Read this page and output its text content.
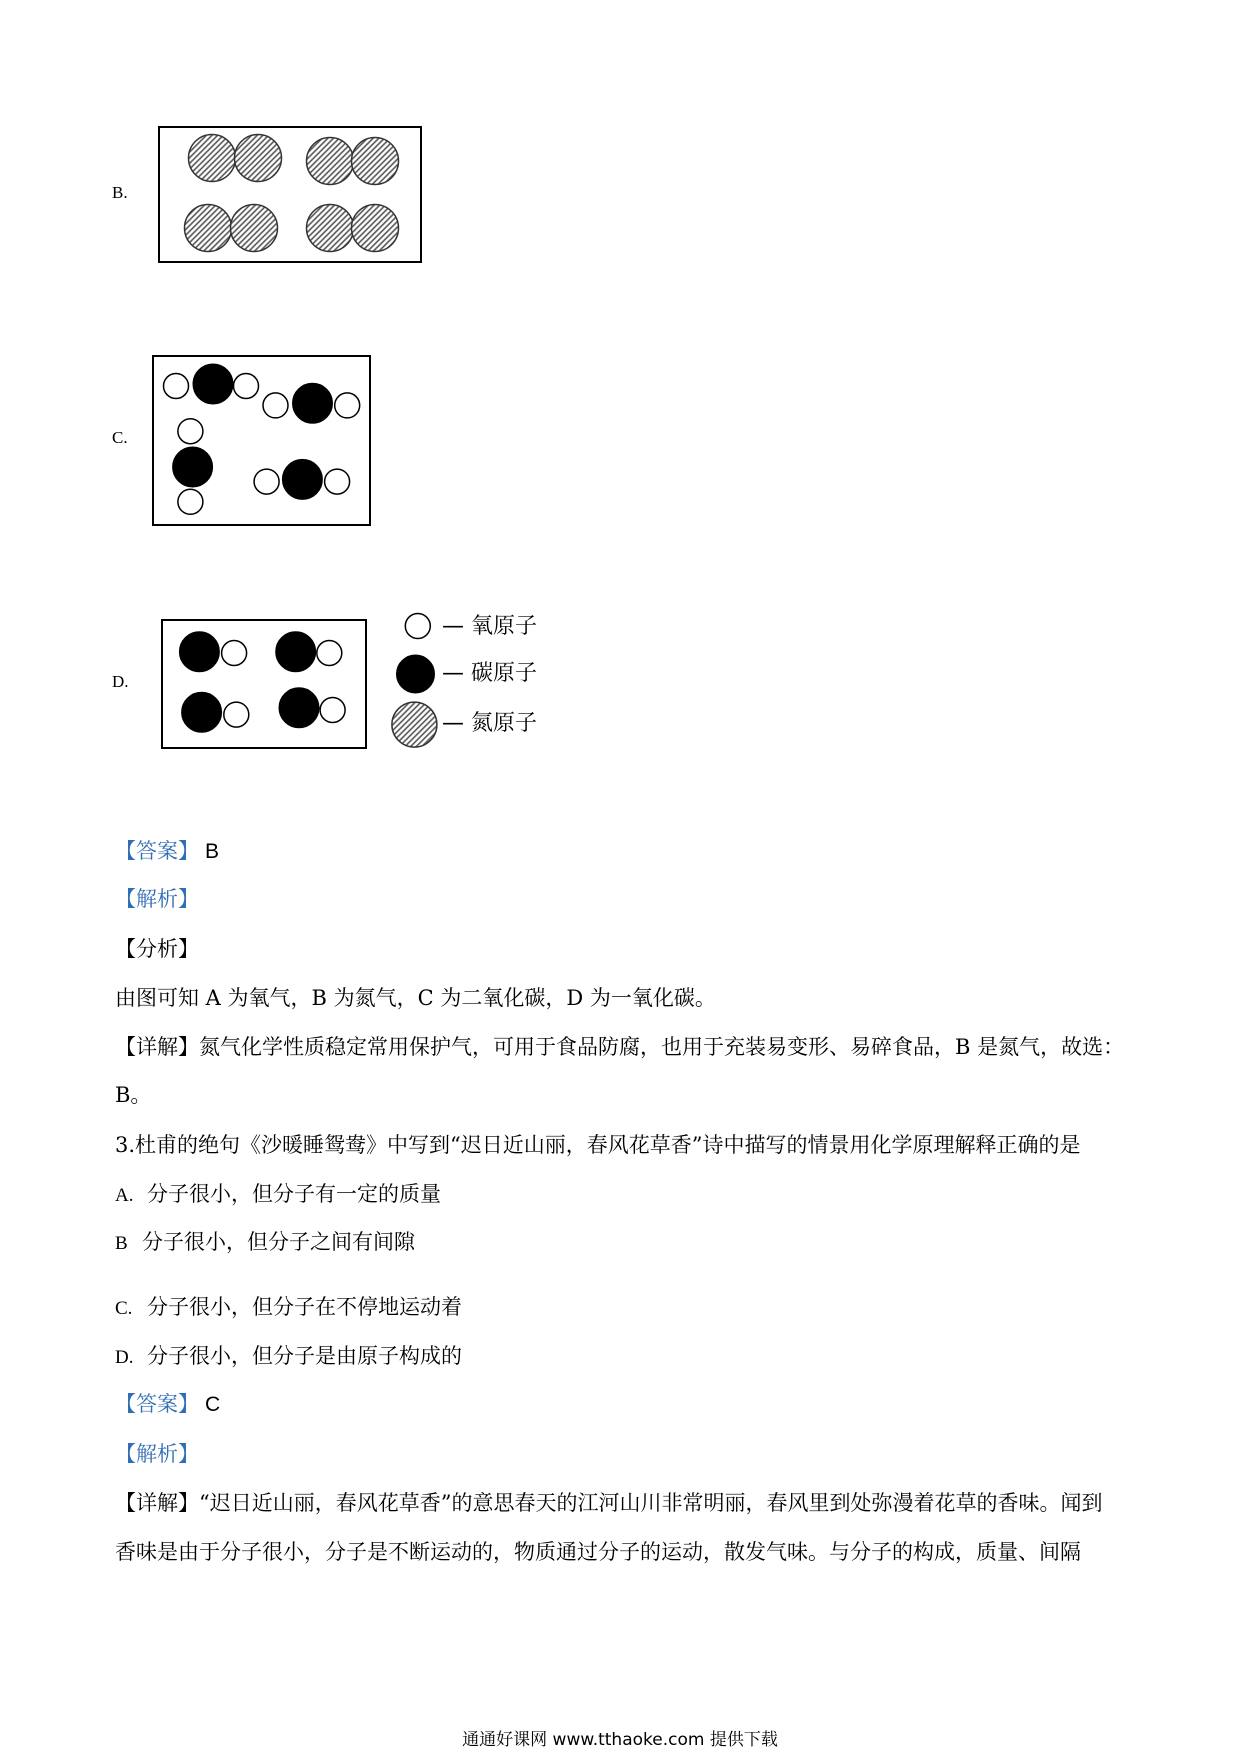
B.
C.
D.
— 氧原子
— 碳原子
— 氮原子
【答案】 B
【解析】
【分析】
由图可知 A 为氧气，B 为氮气，C 为二氧化碳，D 为一氧化碳。
【详解】氮气化学性质稳定常用保护气，可用于食品防腐，也用于充装易变形、易碎食品，B 是氮气，故选：
B。
3.杜甫的绝句《沙暖睡鸳鸯》中写到“迟日近山丽，春风花草香”诗中描写的情景用化学原理解释正确的是
A. 分子很小，但分子有一定的质量
B 分子很小，但分子之间有间隙
C. 分子很小，但分子在不停地运动着
D. 分子很小，但分子是由原子构成的
【答案】 C
【解析】
【详解】“迟日近山丽，春风花草香”的意思春天的江河山川非常明丽，春风里到处弥漫着花草的香味。闻到
香味是由于分子很小，分子是不断运动的，物质通过分子的运动，散发气味。与分子的构成，质量、间隔
通通好课网 www.tthaoke.com 提供下载
